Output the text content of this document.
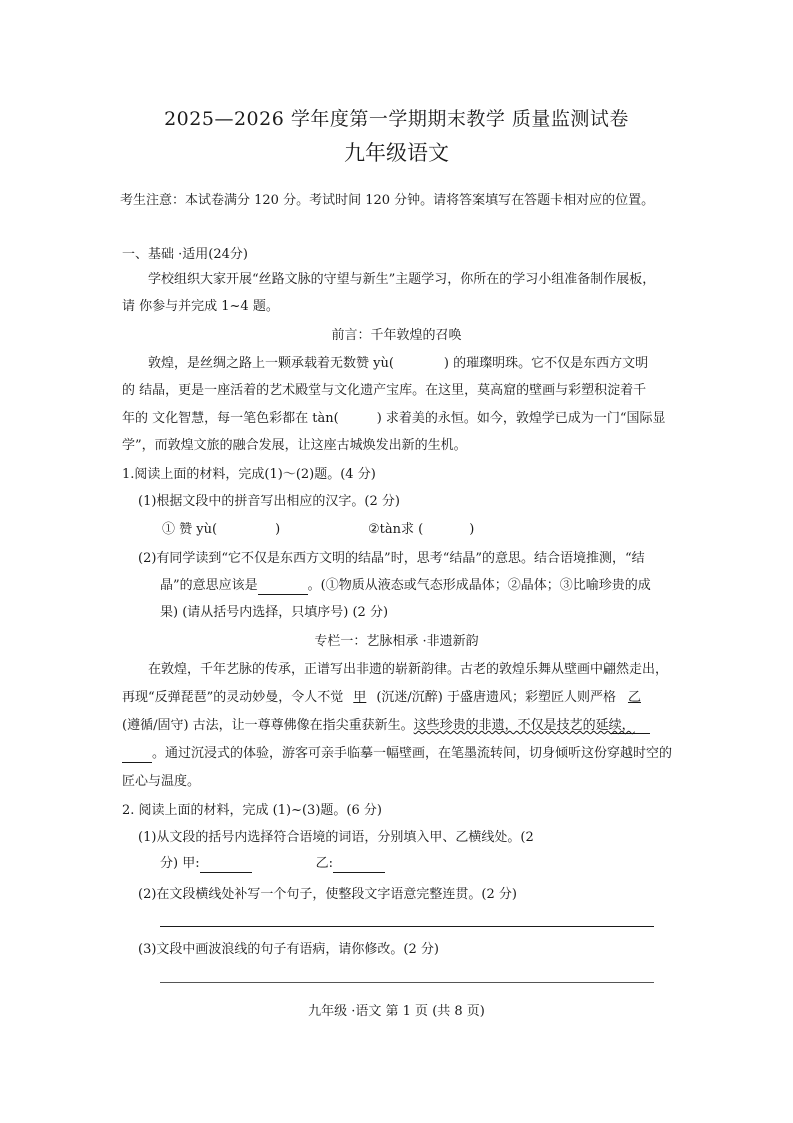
2025—2026 学年度第一学期期末教学 质量监测试卷
九年级语文
考生注意：本试卷满分 120 分。考试时间 120 分钟。请将答案填写在答题卡相对应的位置。
一、基础 ·适用(24分)
学校组织大家开展“丝路文脉的守望与新生”主题学习，你所在的学习小组准备制作展板，
请 你参与并完成 1~4 题。
前言：千年敦煌的召唤
敦煌，是丝绸之路上一颗承载着无数赞 yù(	) 的璀璨明珠。它不仅是东西方文明
的 结晶，更是一座活着的艺术殿堂与文化遗产宝库。在这里，莫高窟的壁画与彩塑积淀着千
年的 文化智慧，每一笔色彩都在 tàn(	) 求着美的永恒。如今，敦煌学已成为一门“国际显
学”，而敦煌文旅的融合发展，让这座古城焕发出新的生机。
1.阅读上面的材料，完成(1)～(2)题。(4 分)
(1)根据文段中的拼音写出相应的汉字。(2 分)
① 赞 yù(	)	②tàn求 (	)
(2)有同学读到“它不仅是东西方文明的结晶”时，思考“结晶”的意思。结合语境推测，“结
晶”的意思应该是	。(①物质从液态或气态形成晶体；②晶体；③比喻珍贵的成
果) (请从括号内选择，只填序号) (2 分)
专栏一：艺脉相承 ·非遗新韵
在敦煌，千年艺脉的传承，正谱写出非遗的崭新韵律。古老的敦煌乐舞从壁画中翩然走出，
再现“反弹琵琶”的灵动妙曼，令人不觉 甲 (沉迷/沉醉) 于盛唐遗风；彩塑匠人则严格 乙
(遵循/固守) 古法，让一尊尊佛像在指尖重获新生。这些珍贵的非遗，不仅是技艺的延续，
。通过沉浸式的体验，游客可亲手临摹一幅壁画，在笔墨流转间，切身倾听这份穿越时空的
匠心与温度。
2. 阅读上面的材料，完成 (1)~(3)题。(6 分)
(1)从文段的括号内选择符合语境的词语，分别填入甲、乙横线处。(2
分) 甲:	乙:
(2)在文段横线处补写一个句子，使整段文字语意完整连贯。(2 分)
(3)文段中画波浪线的句子有语病，请你修改。(2 分)
九年级 ·语文 第 1 页 (共 8 页)
